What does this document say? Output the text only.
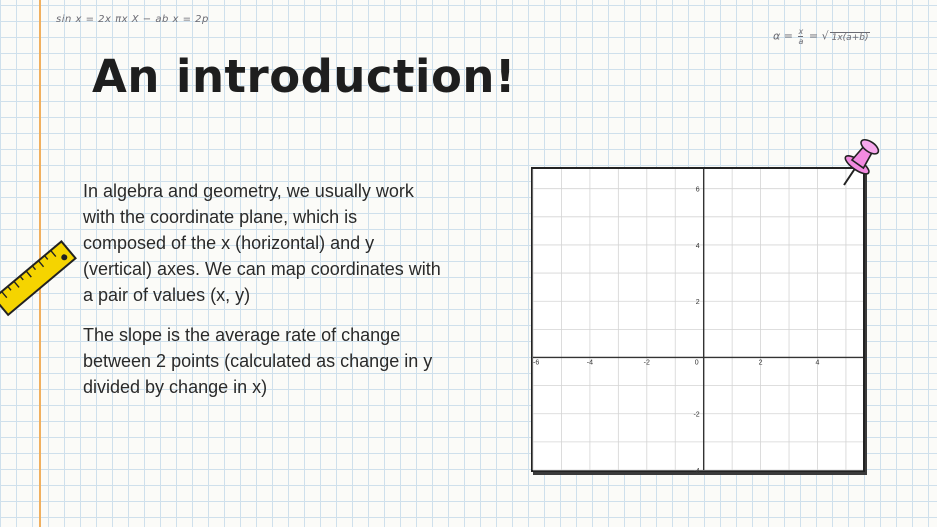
sin x = 2x πx X − ab x = 2p
$\alpha = \frac{x}{a}$ = √ 1x(a+b)
An introduction!

In algebra and geometry, we usually work with the coordinate plane, which is composed of the x (horizontal) and y (vertical) axes. We can map coordinates with a pair of values (x, y)

The slope is the average rate of change between 2 points (calculated as change in y divided by change in x)

-6	-4	-2	0	2	4
6
4
2
-2
-4
